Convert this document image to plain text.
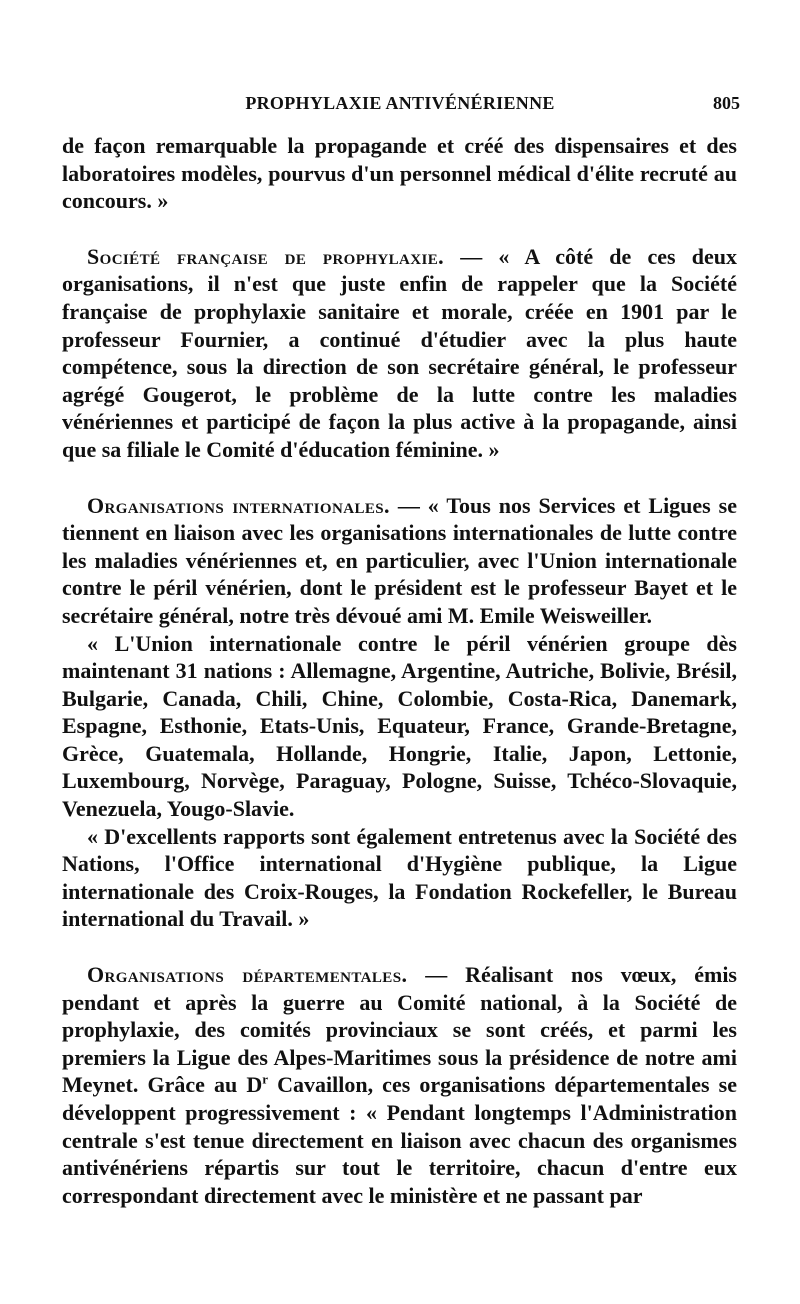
PROPHYLAXIE ANTIVÉNÉRIENNE	805

de façon remarquable la propagande et créé des dispensaires et des laboratoires modèles, pourvus d'un personnel médical d'élite recruté au concours. »

Société française de prophylaxie. — « A côté de ces deux organisations, il n'est que juste enfin de rappeler que la Société française de prophylaxie sanitaire et morale, créée en 1901 par le professeur Fournier, a continué d'étudier avec la plus haute compétence, sous la direction de son secrétaire général, le professeur agrégé Gougerot, le problème de la lutte contre les maladies vénériennes et participé de façon la plus active à la propagande, ainsi que sa filiale le Comité d'éducation féminine. »

Organisations internationales. — « Tous nos Services et Ligues se tiennent en liaison avec les organisations internationales de lutte contre les maladies vénériennes et, en particulier, avec l'Union internationale contre le péril vénérien, dont le président est le professeur Bayet et le secrétaire général, notre très dévoué ami M. Emile Weisweiller.

« L'Union internationale contre le péril vénérien groupe dès maintenant 31 nations : Allemagne, Argentine, Autriche, Bolivie, Brésil, Bulgarie, Canada, Chili, Chine, Colombie, Costa-Rica, Danemark, Espagne, Esthonie, Etats-Unis, Equateur, France, Grande-Bretagne, Grèce, Guatemala, Hollande, Hongrie, Italie, Japon, Lettonie, Luxembourg, Norvège, Paraguay, Pologne, Suisse, Tchéco-Slovaquie, Venezuela, Yougo-Slavie.

« D'excellents rapports sont également entretenus avec la Société des Nations, l'Office international d'Hygiène publique, la Ligue internationale des Croix-Rouges, la Fondation Rockefeller, le Bureau international du Travail. »

Organisations départementales. — Réalisant nos vœux, émis pendant et après la guerre au Comité national, à la Société de prophylaxie, des comités provinciaux se sont créés, et parmi les premiers la Ligue des Alpes-Maritimes sous la présidence de notre ami Meynet. Grâce au $D^r$ Cavaillon, ces organisations départementales se développent progressivement : « Pendant longtemps l'Administration centrale s'est tenue directement en liaison avec chacun des organismes antivénériens répartis sur tout le territoire, chacun d'entre eux correspondant directement avec le ministère et ne passant par
